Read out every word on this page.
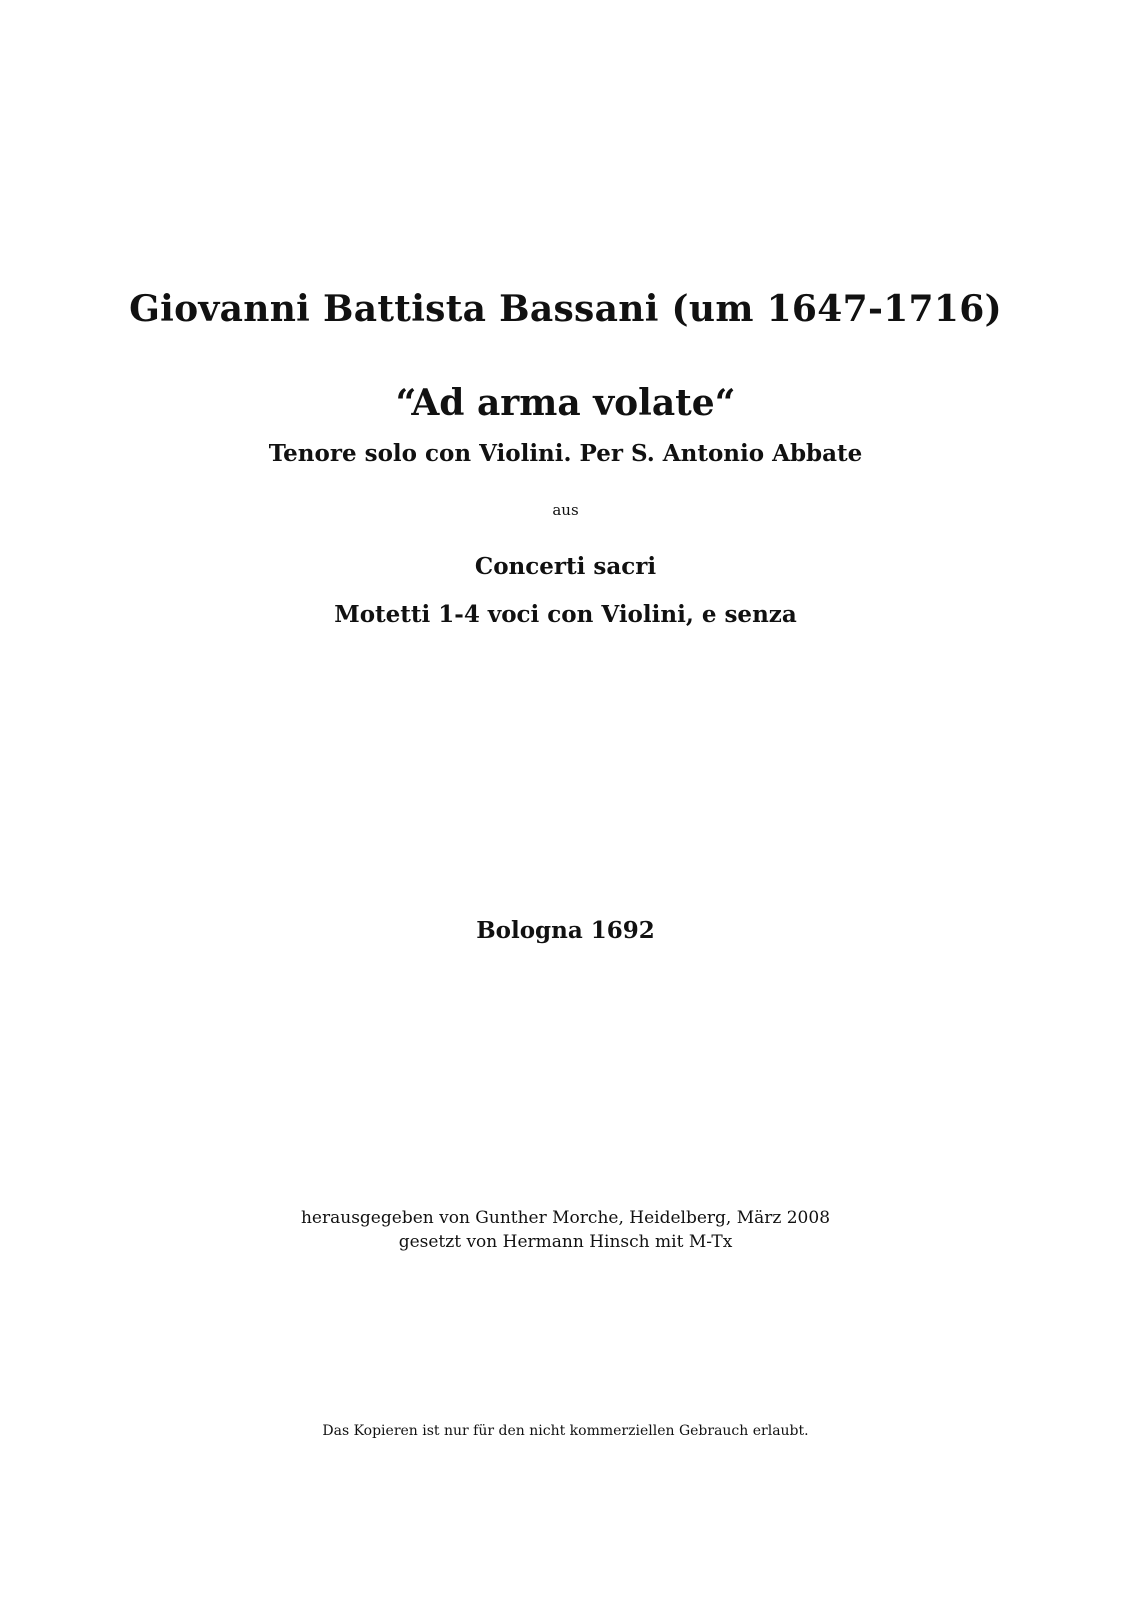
Giovanni Battista Bassani (um 1647-1716)
“Ad arma volate“
Tenore solo con Violini. Per S. Antonio Abbate
aus
Concerti sacri
Motetti 1-4 voci con Violini, e senza
Bologna 1692
herausgegeben von Gunther Morche, Heidelberg, März 2008
gesetzt von Hermann Hinsch mit M-Tx
Das Kopieren ist nur für den nicht kommerziellen Gebrauch erlaubt.
